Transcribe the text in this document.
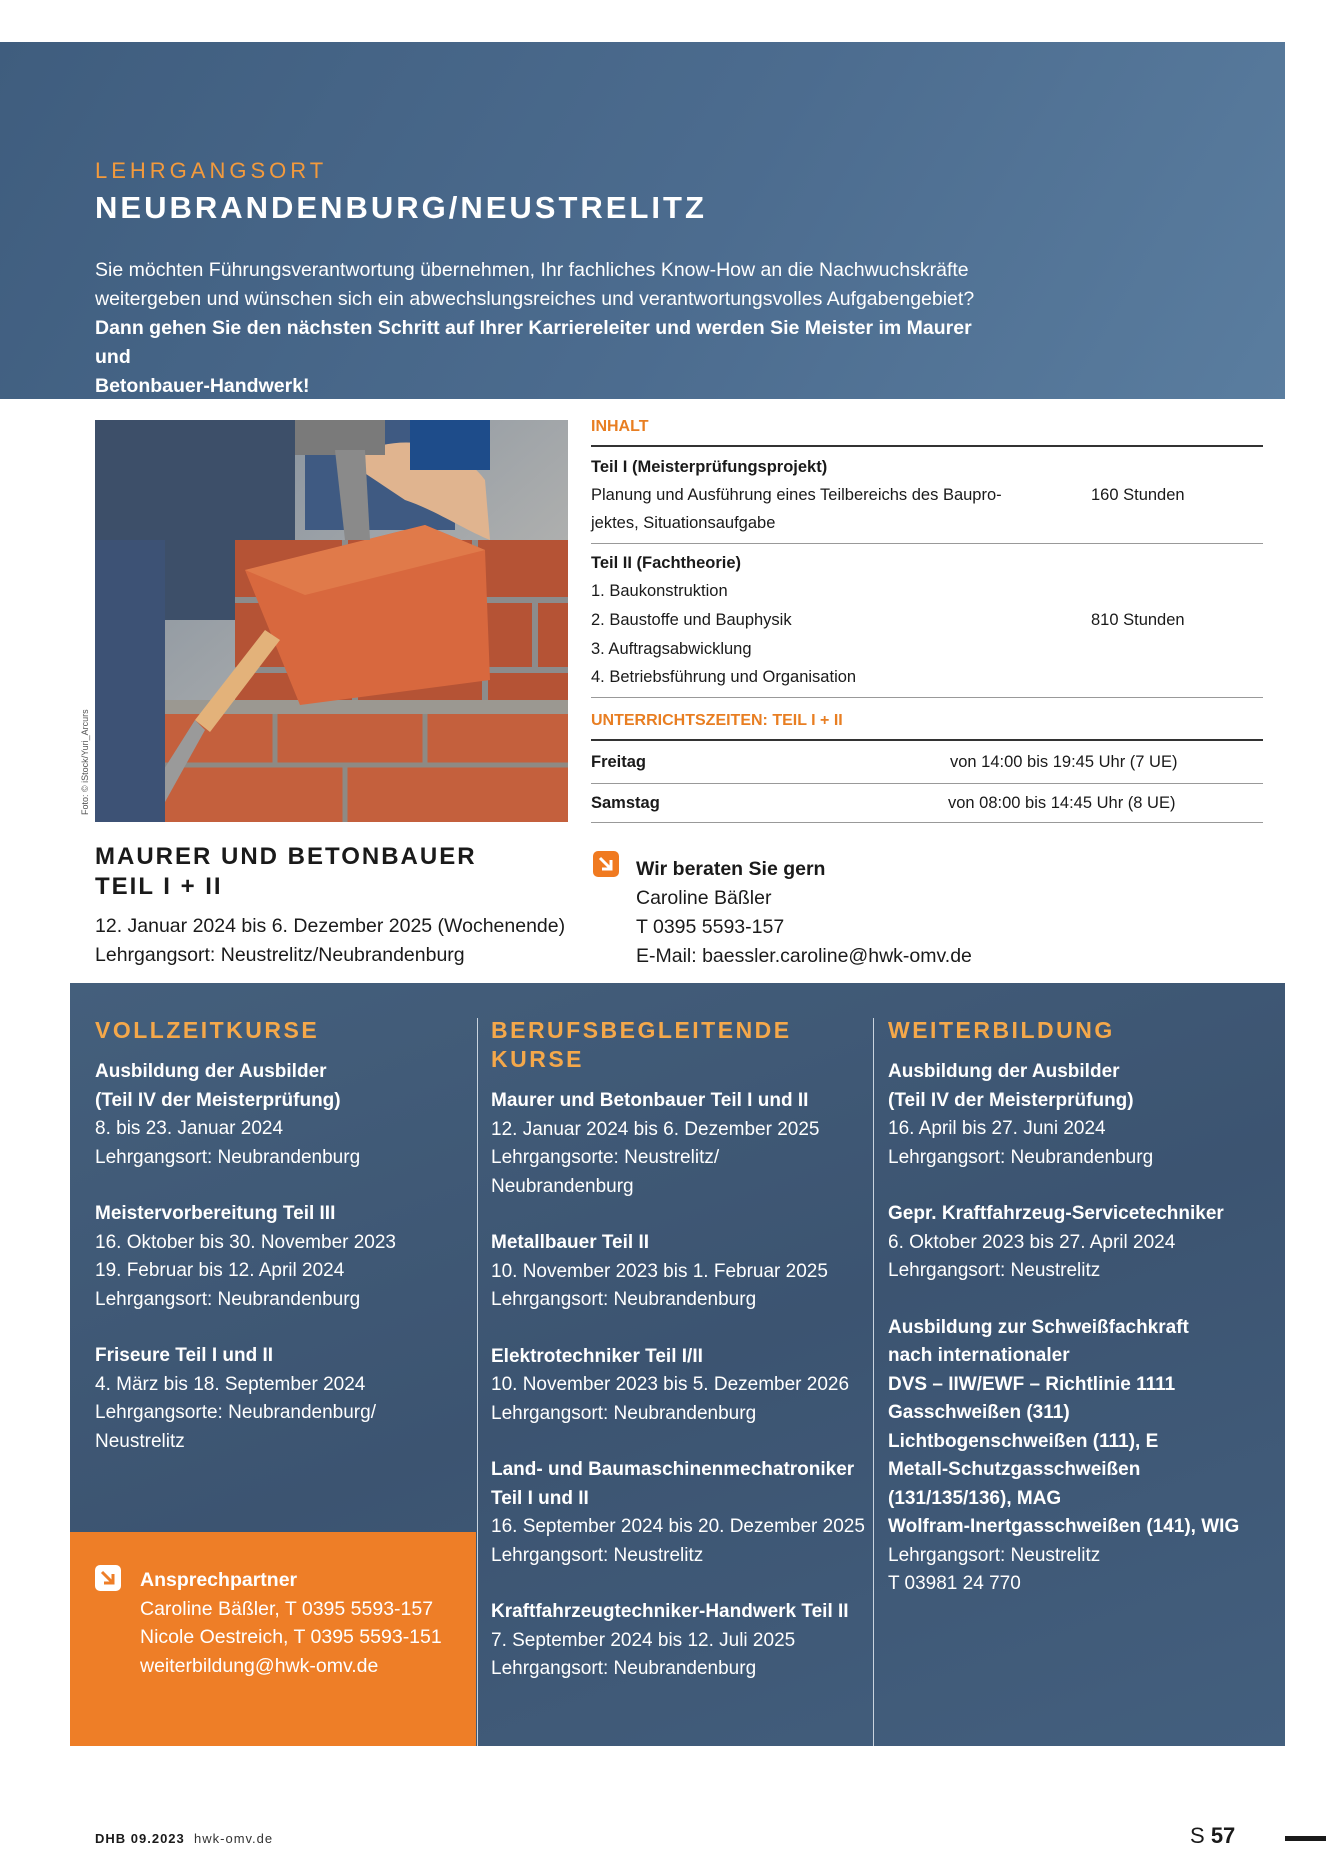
LEHRGANGSORT
NEUBRANDENBURG/NEUSTRELITZ
Sie möchten Führungsverantwortung übernehmen, Ihr fachliches Know-How an die Nachwuchskräfte
weitergeben und wünschen sich ein abwechslungsreiches und verantwortungsvolles Aufgabengebiet?
Dann gehen Sie den nächsten Schritt auf Ihrer Karriereleiter und werden Sie Meister im Maurer und
Betonbauer-Handwerk!
Foto: © iStock/Yuri_Arcurs
MAURER UND BETONBAUER
TEIL I + II
12. Januar 2024 bis 6. Dezember 2025 (Wochenende)
Lehrgangsort: Neustrelitz/Neubrandenburg
INHALT
Teil I (Meisterprüfungsprojekt)
Planung und Ausführung eines Teilbereichs des Baupro-
jektes, Situationsaufgabe
160 Stunden
Teil II (Fachtheorie)
1. Baukonstruktion
2. Baustoffe und Bauphysik
3. Auftragsabwicklung
4. Betriebsführung und Organisation
810 Stunden
UNTERRICHTSZEITEN: TEIL I + II
Freitag	von 14:00 bis 19:45 Uhr (7 UE)
Samstag	von 08:00 bis 14:45 Uhr (8 UE)
Wir beraten Sie gern
Caroline Bäßler
T 0395 5593-157
E-Mail: baessler.caroline@hwk-omv.de
VOLLZEITKURSE
Ausbildung der Ausbilder
(Teil IV der Meisterprüfung)
8. bis 23. Januar 2024
Lehrgangsort: Neubrandenburg
Meistervorbereitung Teil III
16. Oktober bis 30. November 2023
19. Februar bis 12. April 2024
Lehrgangsort: Neubrandenburg
Friseure Teil I und II
4. März bis 18. September 2024
Lehrgangsorte: Neubrandenburg/
Neustrelitz
BERUFSBEGLEITENDE
KURSE
Maurer und Betonbauer Teil I und II
12. Januar 2024 bis 6. Dezember 2025
Lehrgangsorte: Neustrelitz/
Neubrandenburg
Metallbauer Teil II
10. November 2023 bis 1. Februar 2025
Lehrgangsort: Neubrandenburg
Elektrotechniker Teil I/II
10. November 2023 bis 5. Dezember 2026
Lehrgangsort: Neubrandenburg
Land- und Baumaschinenmechatroniker
Teil I und II
16. September 2024 bis 20. Dezember 2025
Lehrgangsort: Neustrelitz
Kraftfahrzeugtechniker-Handwerk Teil II
7. September 2024 bis 12. Juli 2025
Lehrgangsort: Neubrandenburg
WEITERBILDUNG
Ausbildung der Ausbilder
(Teil IV der Meisterprüfung)
16. April bis 27. Juni 2024
Lehrgangsort: Neubrandenburg
Gepr. Kraftfahrzeug-Servicetechniker
6. Oktober 2023 bis 27. April 2024
Lehrgangsort: Neustrelitz
Ausbildung zur Schweißfachkraft
nach internationaler
DVS – IIW/EWF – Richtlinie 1111
Gasschweißen (311)
Lichtbogenschweißen (111), E
Metall-Schutzgasschweißen
(131/135/136), MAG
Wolfram-Inertgasschweißen (141), WIG
Lehrgangsort: Neustrelitz
T 03981 24 770
Ansprechpartner
Caroline Bäßler, T 0395 5593-157
Nicole Oestreich, T 0395 5593-151
weiterbildung@hwk-omv.de
DHB 09.2023 hwk-omv.de	S 57
